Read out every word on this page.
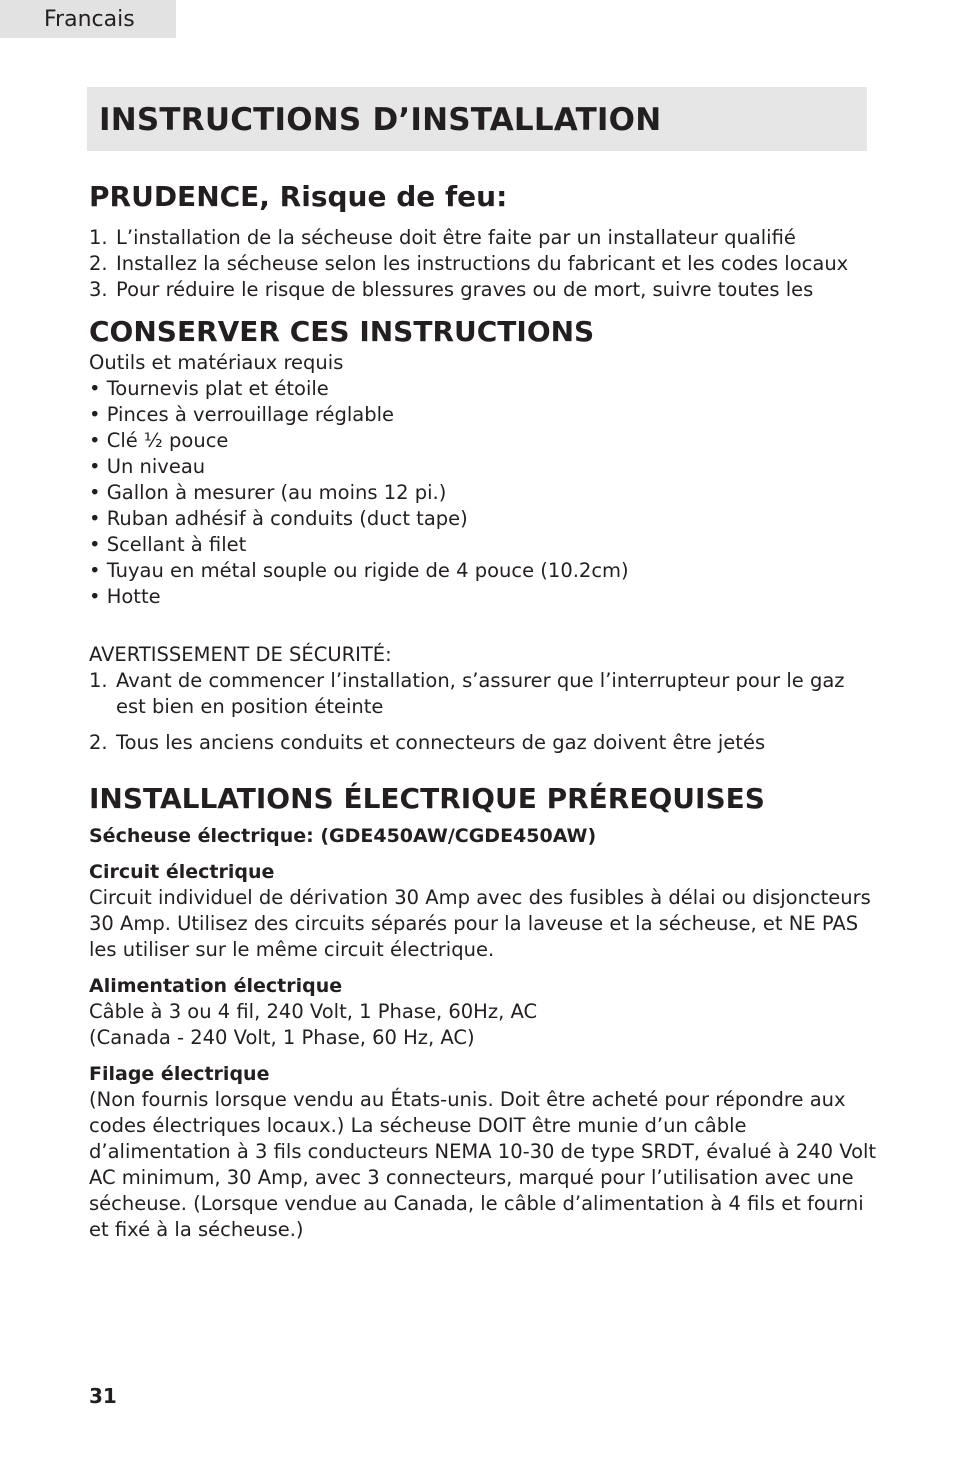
Francais
INSTRUCTIONS D’INSTALLATION
PRUDENCE, Risque de feu:
1. L’installation de la sécheuse doit être faite par un installateur qualifié
2. Installez la sécheuse selon les instructions du fabricant et les codes locaux
3. Pour réduire le risque de blessures graves ou de mort, suivre toutes les
CONSERVER CES INSTRUCTIONS

Outils et matériaux requis

• Tournevis plat et étoile
• Pinces à verrouillage réglable
• Clé ½ pouce
• Un niveau
• Gallon à mesurer (au moins 12 pi.)
• Ruban adhésif à conduits (duct tape)
• Scellant à filet
• Tuyau en métal souple ou rigide de 4 pouce (10.2cm)
• Hotte

AVERTISSEMENT DE SÉCURITÉ:

1. Avant de commencer l’installation, s’assurer que l’interrupteur pour le gaz est bien en position éteinte
2. Tous les anciens conduits et connecteurs de gaz doivent être jetés
INSTALLATIONS ÉLECTRIQUE PRÉREQUISES

Sécheuse électrique: (GDE450AW/CGDE450AW)

Circuit électrique

Circuit individuel de dérivation 30 Amp avec des fusibles à délai ou disjoncteurs 30 Amp. Utilisez des circuits séparés pour la laveuse et la sécheuse, et NE PAS les utiliser sur le même circuit électrique.

Alimentation électrique

Câble à 3 ou 4 fil, 240 Volt, 1 Phase, 60Hz, AC

(Canada - 240 Volt, 1 Phase, 60 Hz, AC)

Filage électrique

(Non fournis lorsque vendu au États-unis. Doit être acheté pour répondre aux codes électriques locaux.) La sécheuse DOIT être munie d’un câble d’alimentation à 3 fils conducteurs NEMA 10-30 de type SRDT, évalué à 240 Volt AC minimum, 30 Amp, avec 3 connecteurs, marqué pour l’utilisation avec une sécheuse. (Lorsque vendue au Canada, le câble d’alimentation à 4 fils et fourni et fixé à la sécheuse.)

31
